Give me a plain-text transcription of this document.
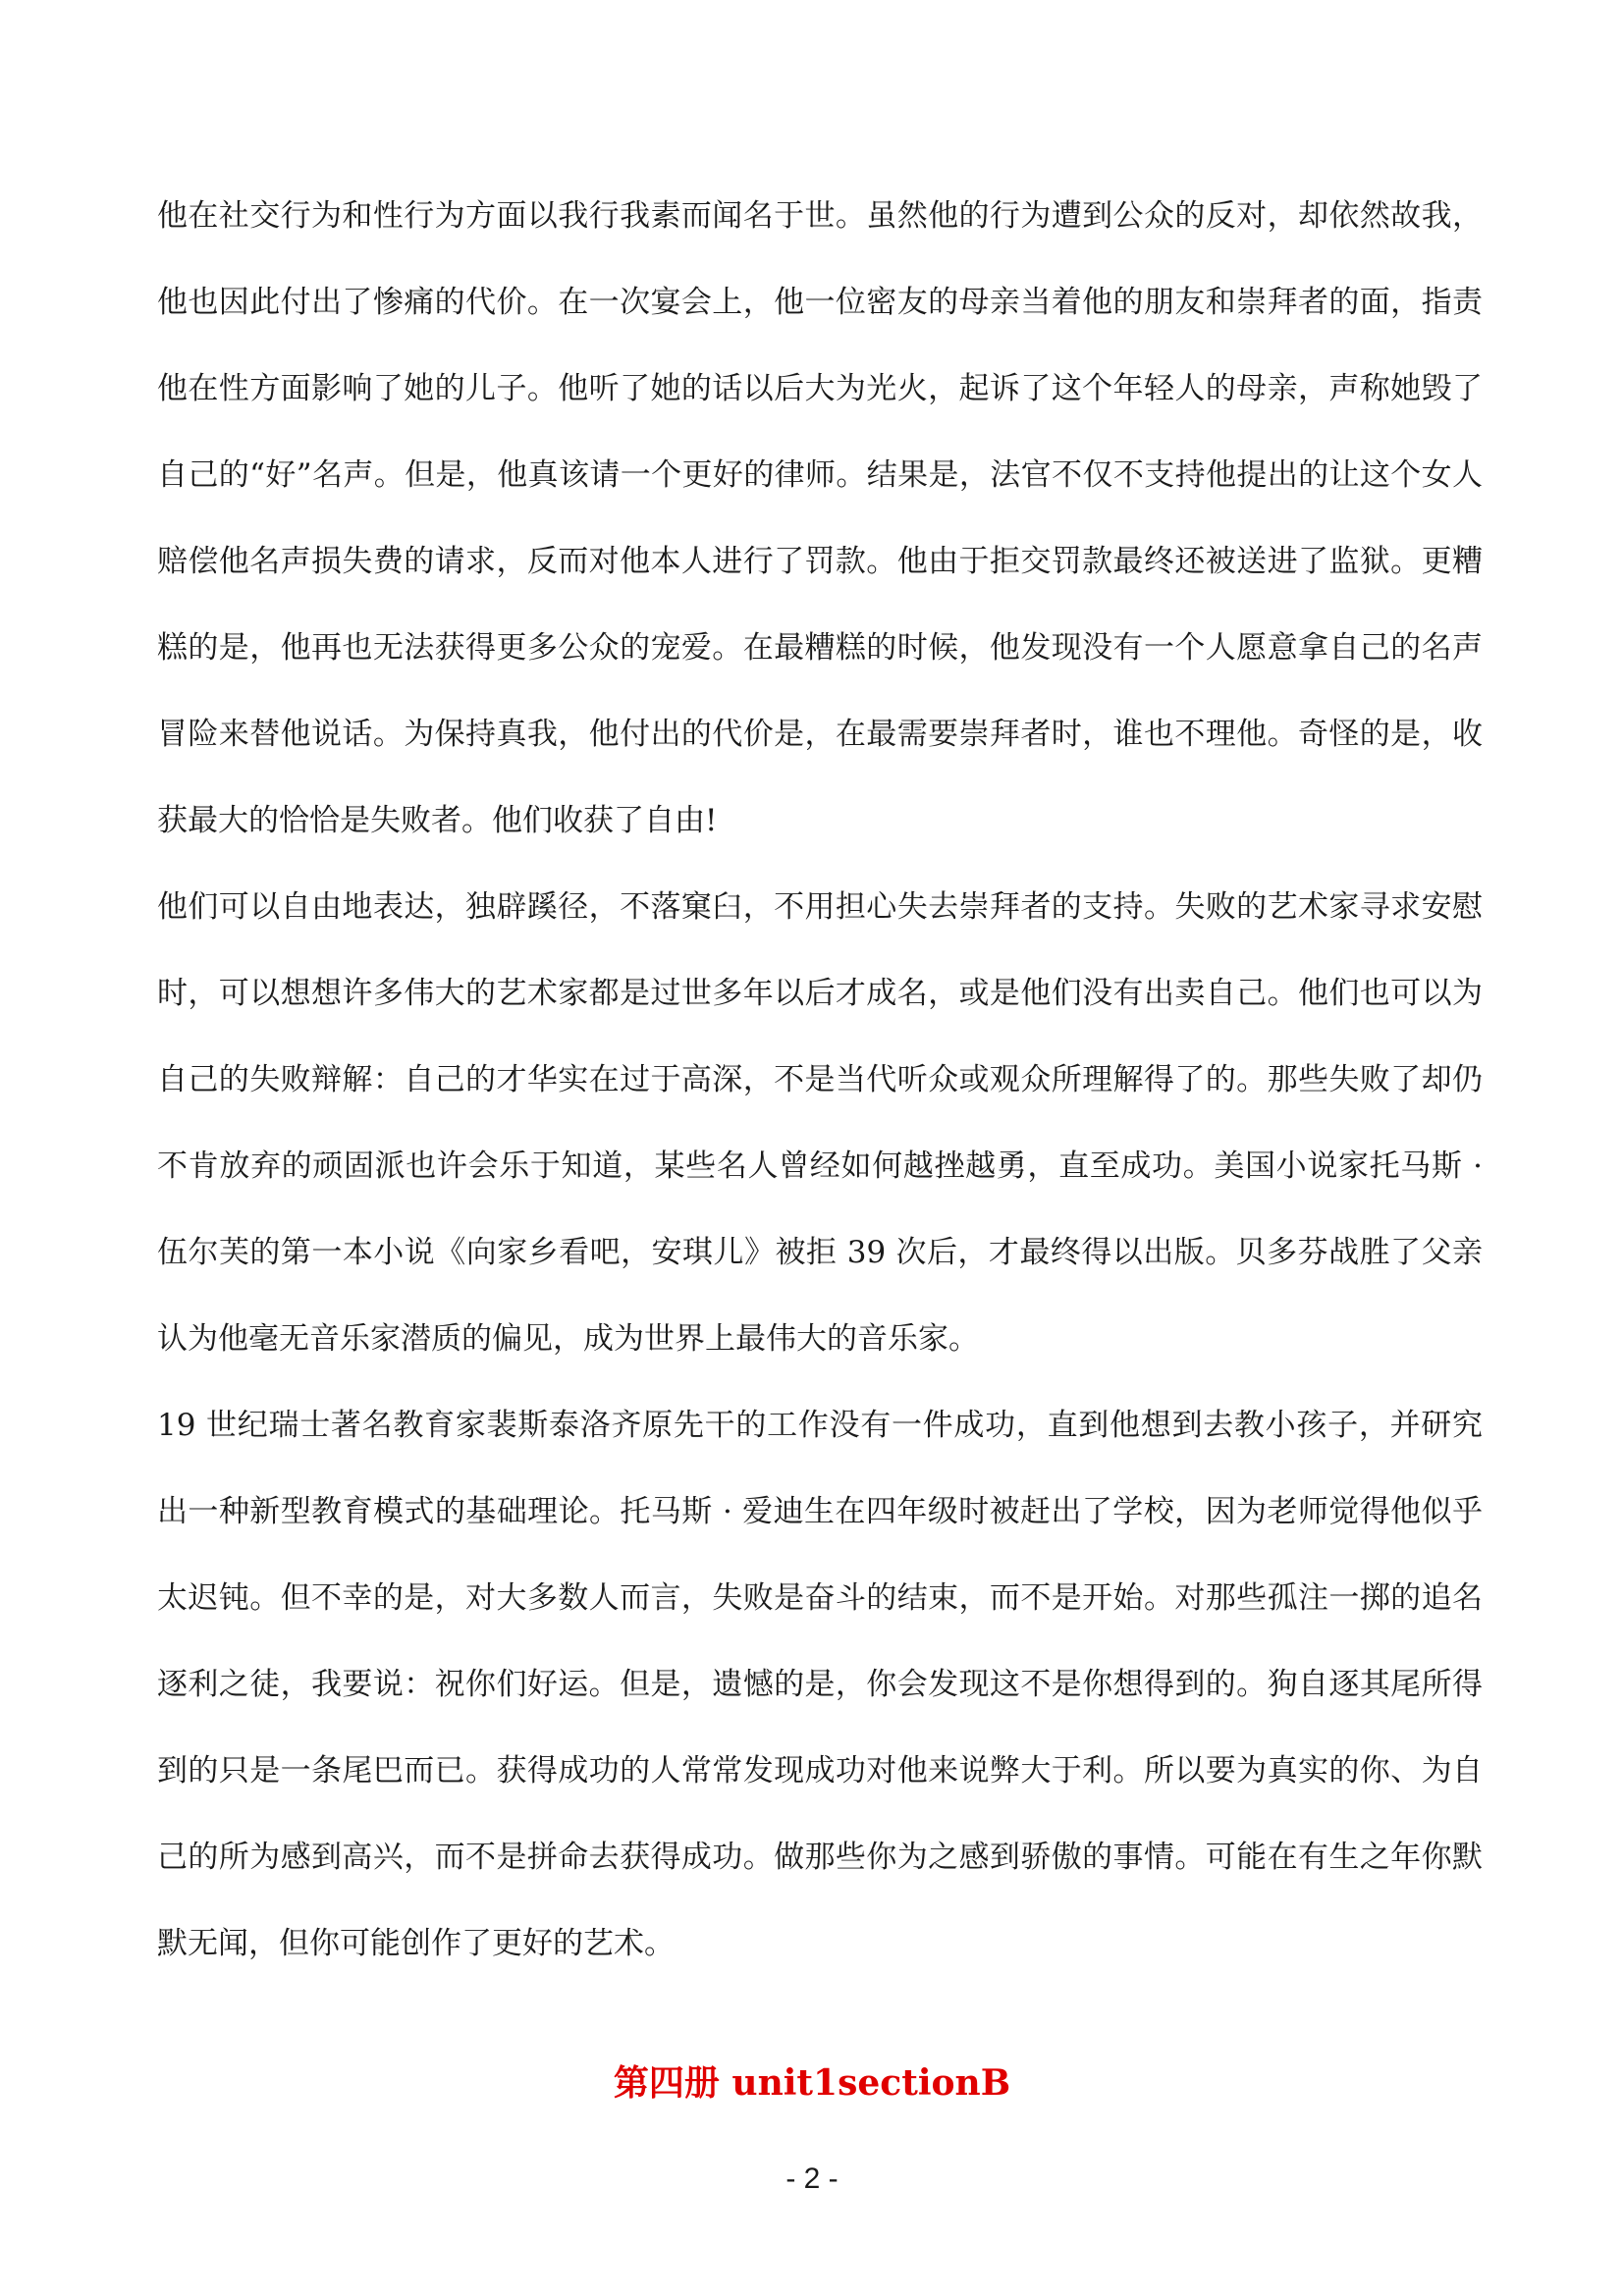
他在社交行为和性行为方面以我行我素而闻名于世。虽然他的行为遭到公众的反对，却依然故我，他也因此付出了惨痛的代价。在一次宴会上，他一位密友的母亲当着他的朋友和崇拜者的面，指责他在性方面影响了她的儿子。他听了她的话以后大为光火，起诉了这个年轻人的母亲，声称她毁了自己的“好”名声。但是，他真该请一个更好的律师。结果是，法官不仅不支持他提出的让这个女人赔偿他名声损失费的请求，反而对他本人进行了罚款。他由于拒交罚款最终还被送进了监狱。更糟糕的是，他再也无法获得更多公众的宠爱。在最糟糕的时候，他发现没有一个人愿意拿自己的名声冒险来替他说话。为保持真我，他付出的代价是，在最需要崇拜者时，谁也不理他。奇怪的是，收获最大的恰恰是失败者。他们收获了自由!

他们可以自由地表达，独辟蹊径，不落窠臼，不用担心失去崇拜者的支持。失败的艺术家寻求安慰时，可以想想许多伟大的艺术家都是过世多年以后才成名，或是他们没有出卖自己。他们也可以为自己的失败辩解：自己的才华实在过于高深，不是当代听众或观众所理解得了的。那些失败了却仍不肯放弃的顽固派也许会乐于知道，某些名人曾经如何越挫越勇，直至成功。美国小说家托马斯 · 伍尔芙的第一本小说《向家乡看吧，安琪儿》被拒 39 次后，才最终得以出版。贝多芬战胜了父亲认为他毫无音乐家潜质的偏见，成为世界上最伟大的音乐家。

19 世纪瑞士著名教育家裴斯泰洛齐原先干的工作没有一件成功，直到他想到去教小孩子，并研究出一种新型教育模式的基础理论。托马斯 · 爱迪生在四年级时被赶出了学校，因为老师觉得他似乎太迟钝。但不幸的是，对大多数人而言，失败是奋斗的结束，而不是开始。对那些孤注一掷的追名逐利之徒，我要说：祝你们好运。但是，遗憾的是，你会发现这不是你想得到的。狗自逐其尾所得到的只是一条尾巴而已。获得成功的人常常发现成功对他来说弊大于利。所以要为真实的你、为自己的所为感到高兴，而不是拼命去获得成功。做那些你为之感到骄傲的事情。可能在有生之年你默默无闻，但你可能创作了更好的艺术。

第四册 unit1sectionB
- 2 -
